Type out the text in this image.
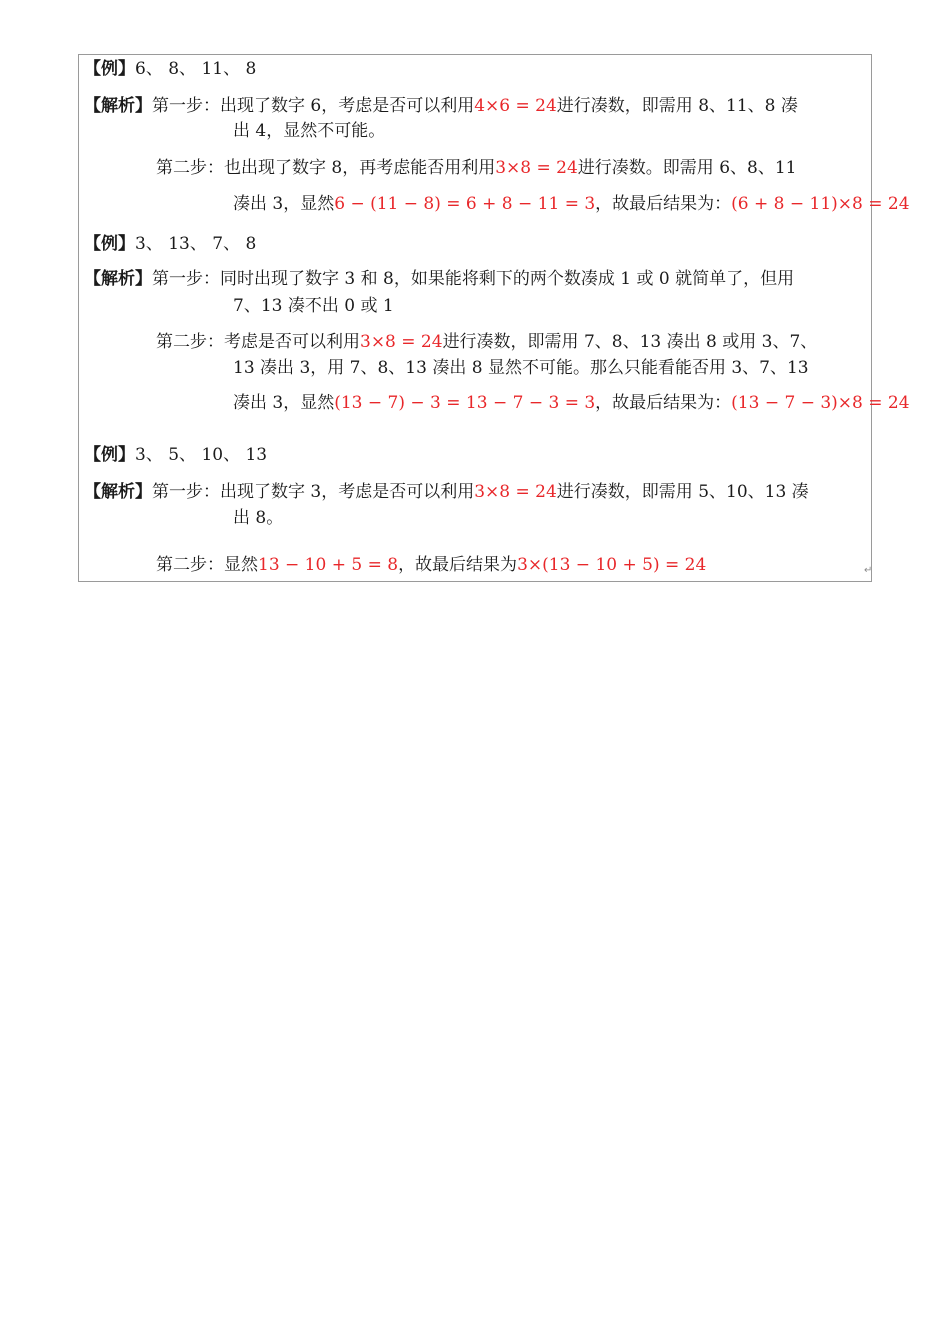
【例】6、 8、 11、 8
【解析】第一步：出现了数字 6，考虑是否可以利用4×6 = 24进行凑数，即需用 8、11、8 凑
出 4，显然不可能。
第二步：也出现了数字 8，再考虑能否用利用3×8 = 24进行凑数。即需用 6、8、11
凑出 3，显然6 − (11 − 8) = 6 + 8 − 11 = 3，故最后结果为：(6 + 8 − 11)×8 = 24
【例】3、 13、 7、 8
【解析】第一步：同时出现了数字 3 和 8，如果能将剩下的两个数凑成 1 或 0 就简单了，但用
7、13 凑不出 0 或 1
第二步：考虑是否可以利用3×8 = 24进行凑数，即需用 7、8、13 凑出 8 或用 3、7、
13 凑出 3，用 7、8、13 凑出 8 显然不可能。那么只能看能否用 3、7、13
凑出 3，显然(13 − 7) − 3 = 13 − 7 − 3 = 3，故最后结果为：(13 − 7 − 3)×8 = 24
【例】3、 5、 10、 13
【解析】第一步：出现了数字 3，考虑是否可以利用3×8 = 24进行凑数，即需用 5、10、13 凑
出 8。
第二步：显然13 − 10 + 5 = 8，故最后结果为3×(13 − 10 + 5) = 24	↵
